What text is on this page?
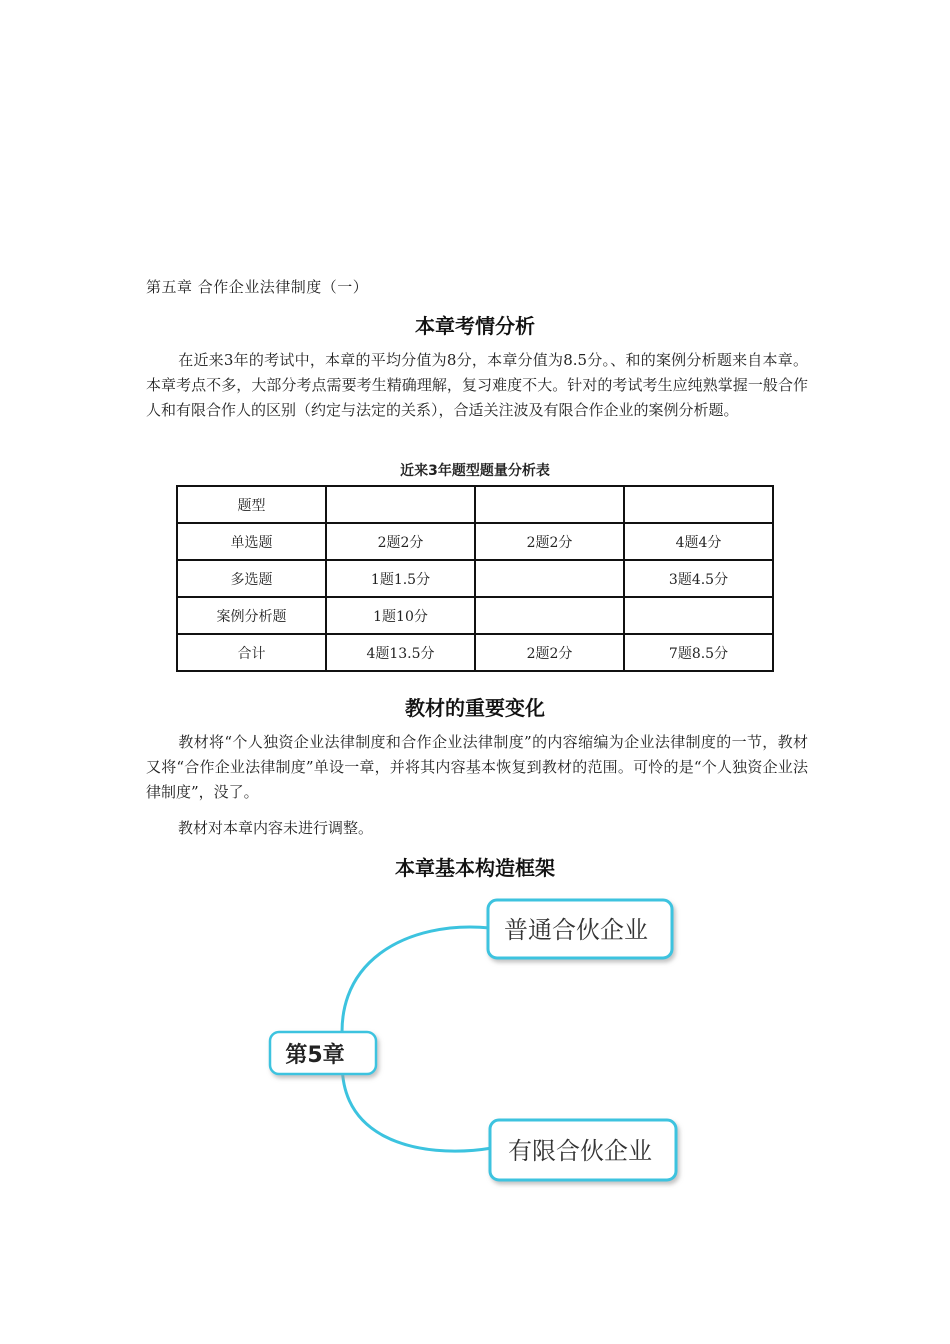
第五章 合作企业法律制度（一）
本章考情分析

在近来3年的考试中，本章的平均分值为8分，本章分值为8.5分。、和的案例分析题来自本章。本章考点不多，大部分考点需要考生精确理解，复习难度不大。针对的考试考生应纯熟掌握一般合作人和有限合作人的区别（约定与法定的关系），合适关注波及有限合作企业的案例分析题。

近来3年题型题量分析表
题型			
单选题	2题2分	2题2分	4题4分
多选题	1题1.5分		3题4.5分
案例分析题	1题10分		
合计	4题13.5分	2题2分	7题8.5分
教材的重要变化

教材将“个人独资企业法律制度和合作企业法律制度”的内容缩编为企业法律制度的一节，教材又将“合作企业法律制度”单设一章，并将其内容基本恢复到教材的范围。可怜的是“个人独资企业法律制度”，没了。

教材对本章内容未进行调整。

本章基本构造框架
第5章
普通合伙企业
有限合伙企业
